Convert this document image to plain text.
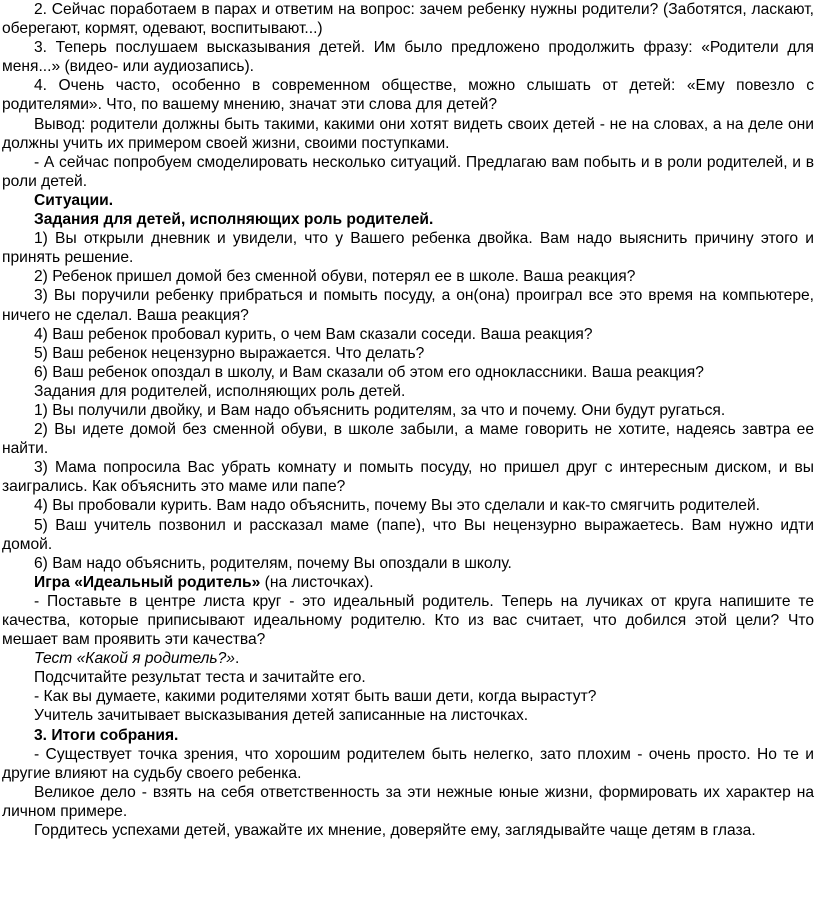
2. Сейчас поработаем в парах и ответим на вопрос: зачем ребенку нужны родители? (Заботятся, ласкают, оберегают, кормят, одевают, воспитывают...)

3. Теперь послушаем высказывания детей. Им было предложено продолжить фразу: «Родители для меня...» (видео- или аудиозапись).

4. Очень часто, особенно в современном обществе, можно слышать от детей: «Ему повезло с родителями». Что, по вашему мнению, значат эти слова для детей?

Вывод: родители должны быть такими, какими они хотят видеть своих детей - не на словах, а на деле они должны учить их примером своей жизни, своими поступками.

- А сейчас попробуем смоделировать несколько ситуаций. Предлагаю вам побыть и в роли родителей, и в роли детей.

Ситуации.

Задания для детей, исполняющих роль родителей.

1) Вы открыли дневник и увидели, что у Вашего ребенка двойка. Вам надо выяснить причину этого и принять решение.

2) Ребенок пришел домой без сменной обуви, потерял ее в школе. Ваша реакция?

3) Вы поручили ребенку прибраться и помыть посуду, а он(она) проиграл все это время на компьютере, ничего не сделал. Ваша реакция?

4) Ваш ребенок пробовал курить, о чем Вам сказали соседи. Ваша реакция?

5) Ваш ребенок нецензурно выражается. Что делать?

6) Ваш ребенок опоздал в школу, и Вам сказали об этом его одноклассники. Ваша реакция?

Задания для родителей, исполняющих роль детей.

1) Вы получили двойку, и Вам надо объяснить родителям, за что и почему. Они будут ругаться.

2) Вы идете домой без сменной обуви, в школе забыли, а маме говорить не хотите, надеясь завтра ее найти.

3) Мама попросила Вас убрать комнату и помыть посуду, но пришел друг с интересным диском, и вы заигрались. Как объяснить это маме или папе?

4) Вы пробовали курить. Вам надо объяснить, почему Вы это сделали и как-то смягчить родителей.

5) Ваш учитель позвонил и рассказал маме (папе), что Вы нецензурно выражаетесь. Вам нужно идти домой.

6) Вам надо объяснить, родителям, почему Вы опоздали в школу.

Игра «Идеальный родитель» (на листочках).

- Поставьте в центре листа круг - это идеальный родитель. Теперь на лучиках от круга напишите те качества, которые приписывают идеальному родителю. Кто из вас считает, что добился этой цели? Что мешает вам проявить эти качества?

Тест «Какой я родитель?».

Подсчитайте результат теста и зачитайте его.

- Как вы думаете, какими родителями хотят быть ваши дети, когда вырастут?

Учитель зачитывает высказывания детей записанные на листочках.

3. Итоги собрания.

- Существует точка зрения, что хорошим родителем быть нелегко, зато плохим - очень просто. Но те и другие влияют на судьбу своего ребенка.

Великое дело - взять на себя ответственность за эти нежные юные жизни, формировать их характер на личном примере.

Гордитесь успехами детей, уважайте их мнение, доверяйте ему, заглядывайте чаще детям в глаза.
